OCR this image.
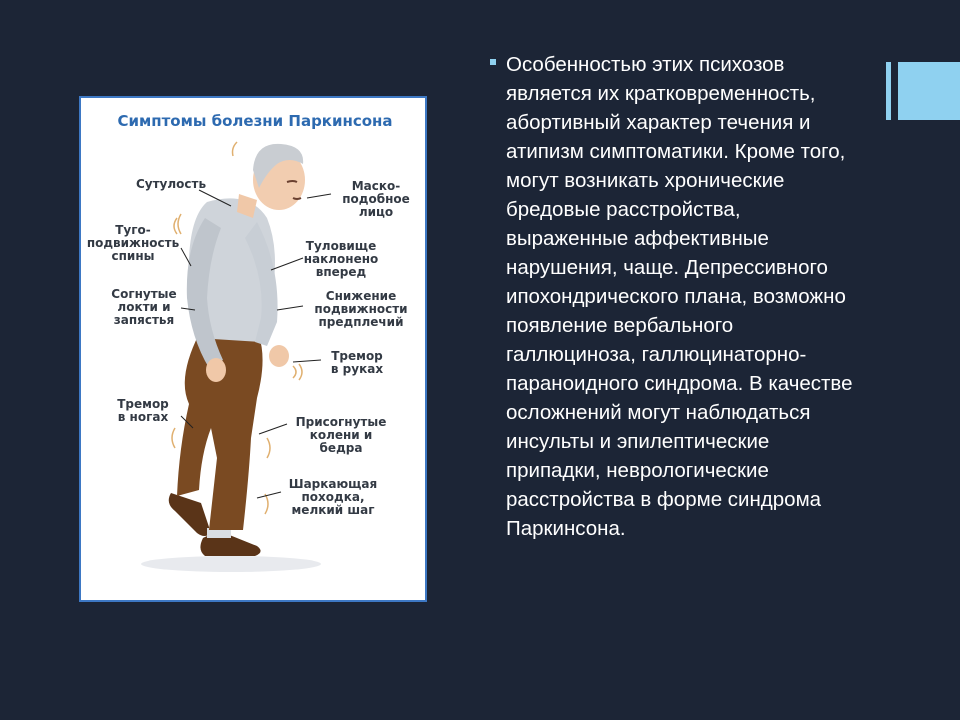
Симптомы болезни Паркинсона
Сутулость	Маско-
подобное
лицо
Туго-
подвижность
спины
Туловище
наклонено
вперед
Согнутые
локти и
запястья
Снижение
подвижности
предплечий
Тремор
в руках
Тремор
в ногах	Присогнутые
колени и
бедра
Шаркающая
походка,
мелкий шаг

Особенностью этих психозов является их кратковременность, абортивный характер течения и атипизм симптоматики. Кроме того, могут возникать хронические бредовые расстройства, выраженные аффективные нарушения, чаще. Депрессивного ипохондрического плана, возможно появление вербального галлюциноза, галлюцинаторно-параноидного синдрома. В качестве осложнений могут наблюдаться инсульты и эпилептические припадки, неврологические расстройства в форме синдрома Паркинсона.
